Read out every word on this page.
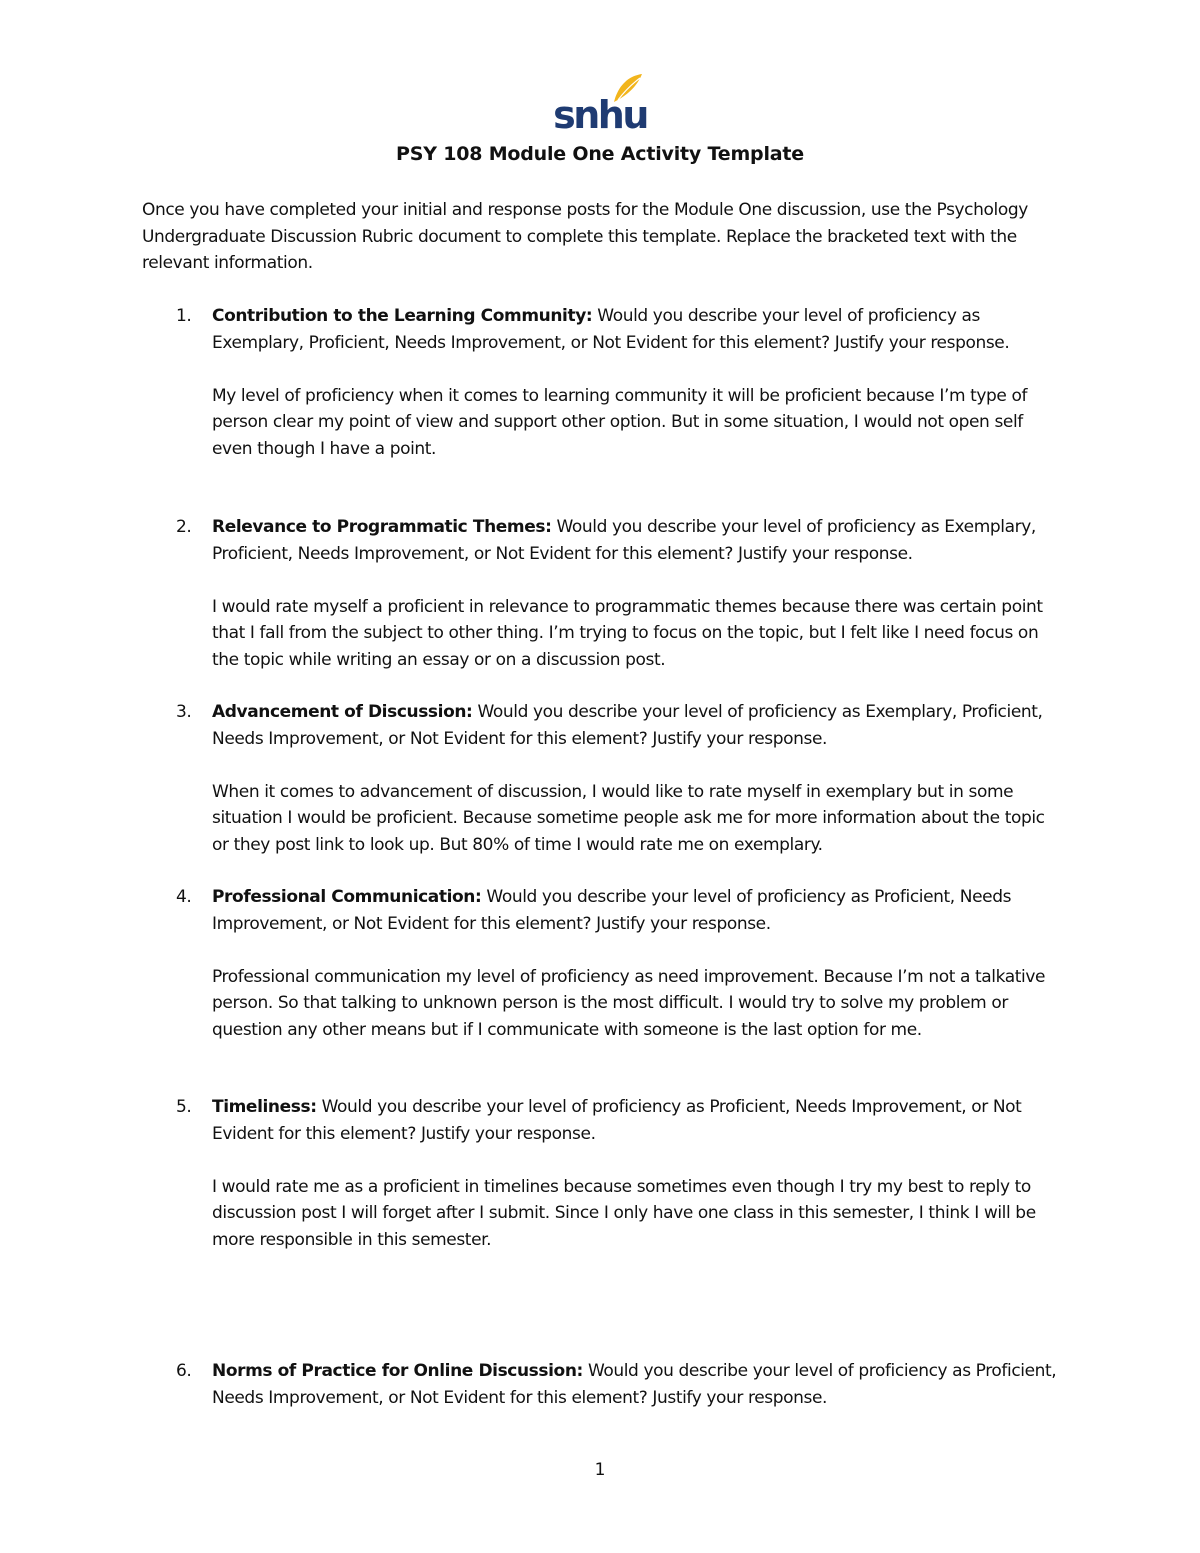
snhu
PSY 108 Module One Activity Template

Once you have completed your initial and response posts for the Module One discussion, use the Psychology Undergraduate Discussion Rubric document to complete this template. Replace the bracketed text with the relevant information.

1.	Contribution to the Learning Community: Would you describe your level of proficiency as Exemplary, Proficient, Needs Improvement, or Not Evident for this element? Justify your response.

My level of proficiency when it comes to learning community it will be proficient because I’m type of person clear my point of view and support other option. But in some situation, I would not open self even though I have a point.

2.	Relevance to Programmatic Themes: Would you describe your level of proficiency as Exemplary, Proficient, Needs Improvement, or Not Evident for this element? Justify your response.

I would rate myself a proficient in relevance to programmatic themes because there was certain point that I fall from the subject to other thing. I’m trying to focus on the topic, but I felt like I need focus on the topic while writing an essay or on a discussion post.

3.	Advancement of Discussion: Would you describe your level of proficiency as Exemplary, Proficient, Needs Improvement, or Not Evident for this element? Justify your response.

When it comes to advancement of discussion, I would like to rate myself in exemplary but in some situation I would be proficient. Because sometime people ask me for more information about the topic or they post link to look up. But 80% of time I would rate me on exemplary.

4.	Professional Communication: Would you describe your level of proficiency as Proficient, Needs Improvement, or Not Evident for this element? Justify your response.

Professional communication my level of proficiency as need improvement. Because I’m not a talkative person. So that talking to unknown person is the most difficult. I would try to solve my problem or question any other means but if I communicate with someone is the last option for me.

5.	Timeliness: Would you describe your level of proficiency as Proficient, Needs Improvement, or Not Evident for this element? Justify your response.

I would rate me as a proficient in timelines because sometimes even though I try my best to reply to discussion post I will forget after I submit. Since I only have one class in this semester, I think I will be more responsible in this semester.

6.	Norms of Practice for Online Discussion: Would you describe your level of proficiency as Proficient, Needs Improvement, or Not Evident for this element? Justify your response.

1
